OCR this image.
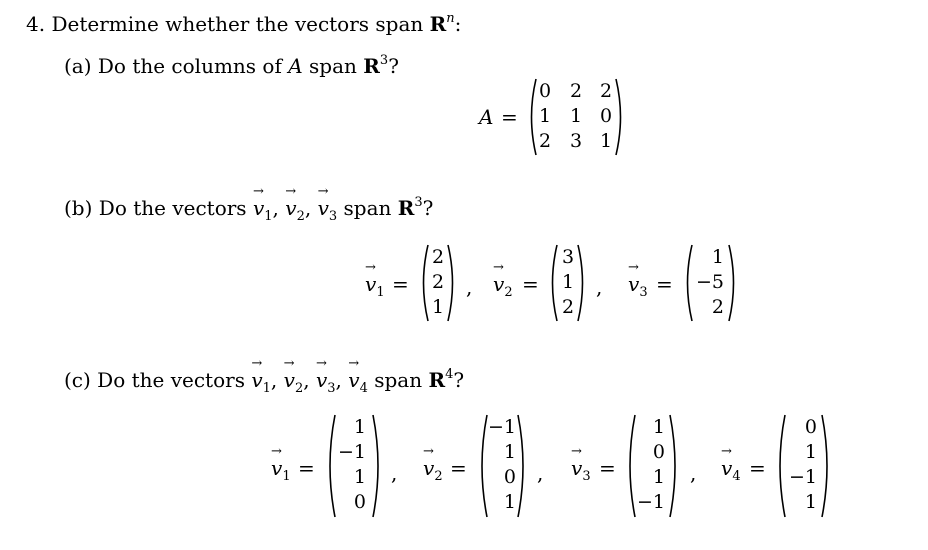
4. Determine whether the vectors span $R^n$:
(a) Do the columns of A span $R^3$?
A =
0 2 2
1 1 0
2 3 1
(b) Do the vectors
→
$v_1$,
→
$v_2$,
→
$v_3$ span $R^3$?
→
$v_1$ =
2
2
1
,
→
$v_2$ =
3
1
2
,
→
$v_3$ =
1
−5
2
(c) Do the vectors
→
$v_1$,
→
$v_2$,
→
$v_3$,
→
$v_4$ span $R^4$?
→
$v_1$ =
1
−1
1
0
,
→
$v_2$ =
−1
1
0
1
,
→
$v_3$ =
1
0
1
−1
,
→
$v_4$ =
0
1
−1
1
